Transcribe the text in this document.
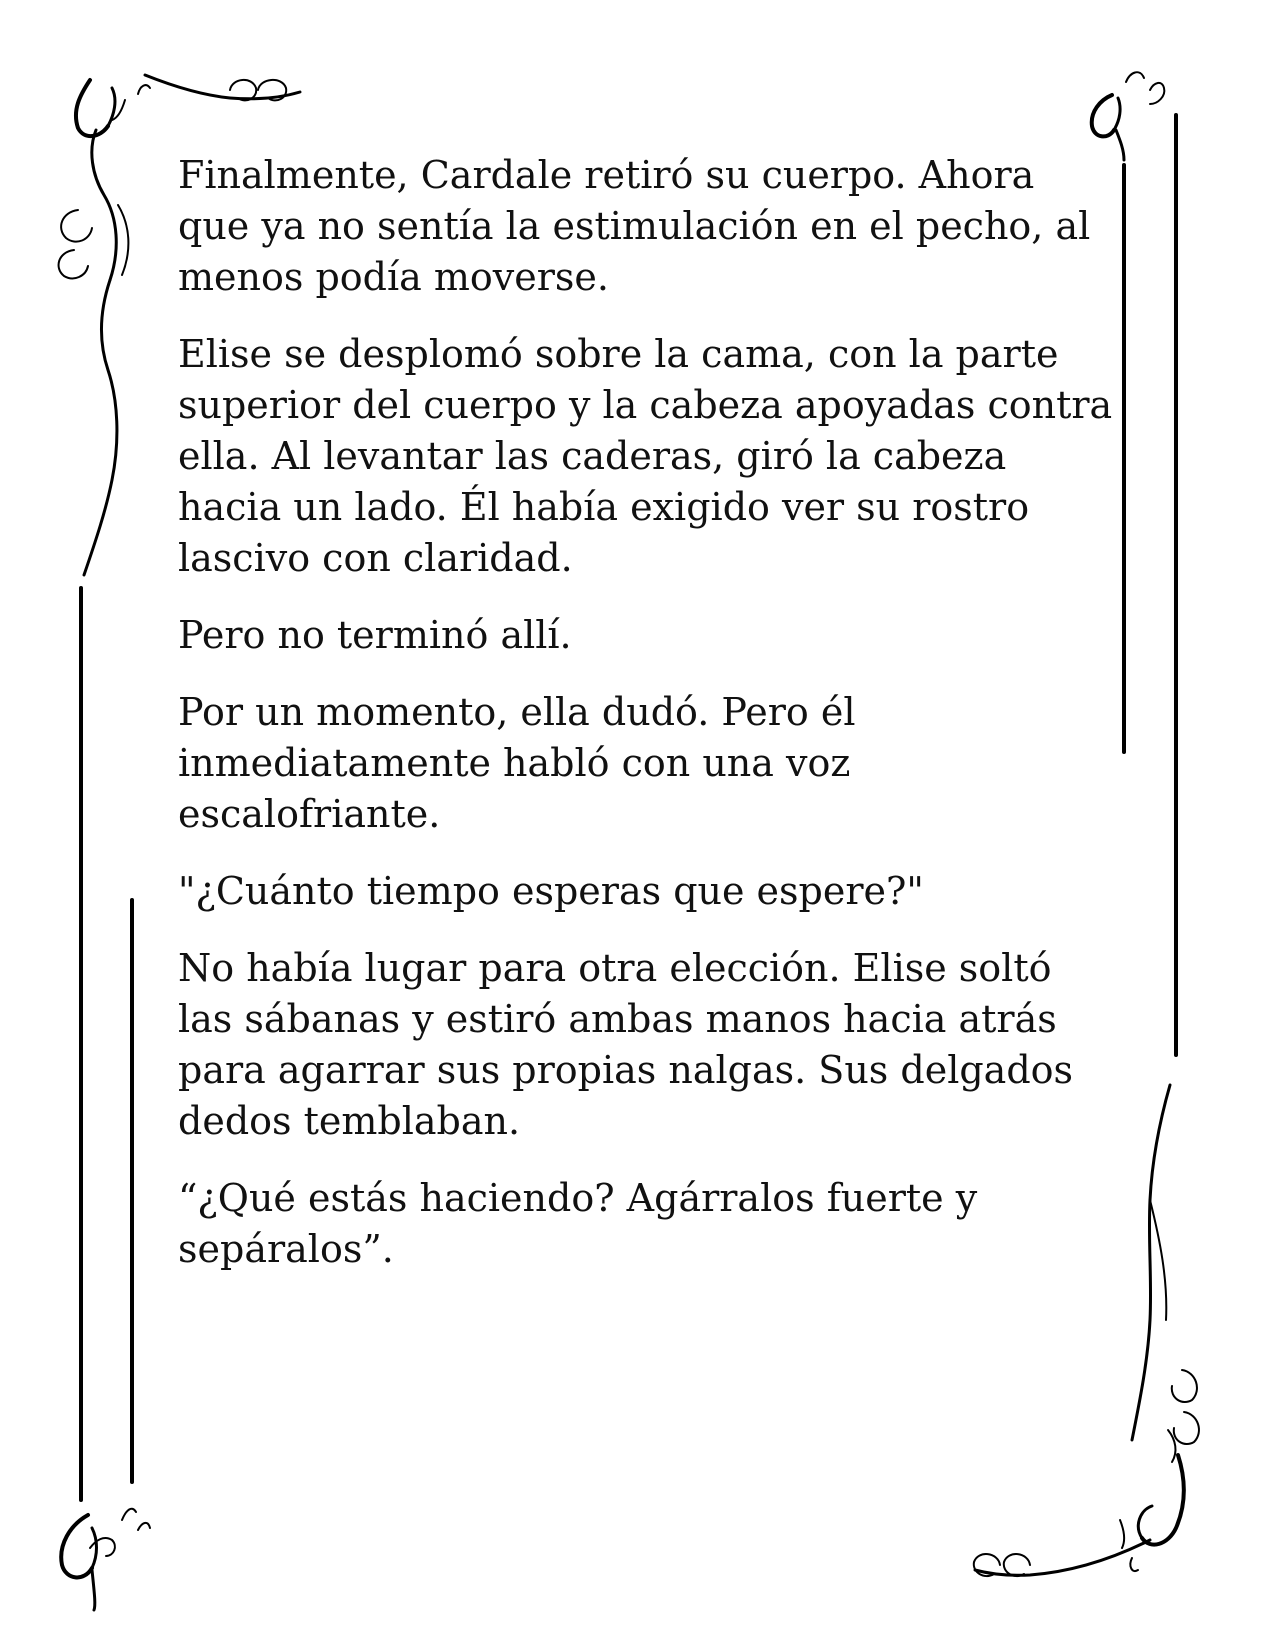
Finalmente, Cardale retiró su cuerpo. Ahora
que ya no sentía la estimulación en el pecho, al
menos podía moverse.

Elise se desplomó sobre la cama, con la parte
superior del cuerpo y la cabeza apoyadas contra
ella. Al levantar las caderas, giró la cabeza
hacia un lado. Él había exigido ver su rostro
lascivo con claridad.

Pero no terminó allí.

Por un momento, ella dudó. Pero él
inmediatamente habló con una voz
escalofriante.

"¿Cuánto tiempo esperas que espere?"

No había lugar para otra elección. Elise soltó
las sábanas y estiró ambas manos hacia atrás
para agarrar sus propias nalgas. Sus delgados
dedos temblaban.

“¿Qué estás haciendo? Agárralos fuerte y
sepáralos”.
